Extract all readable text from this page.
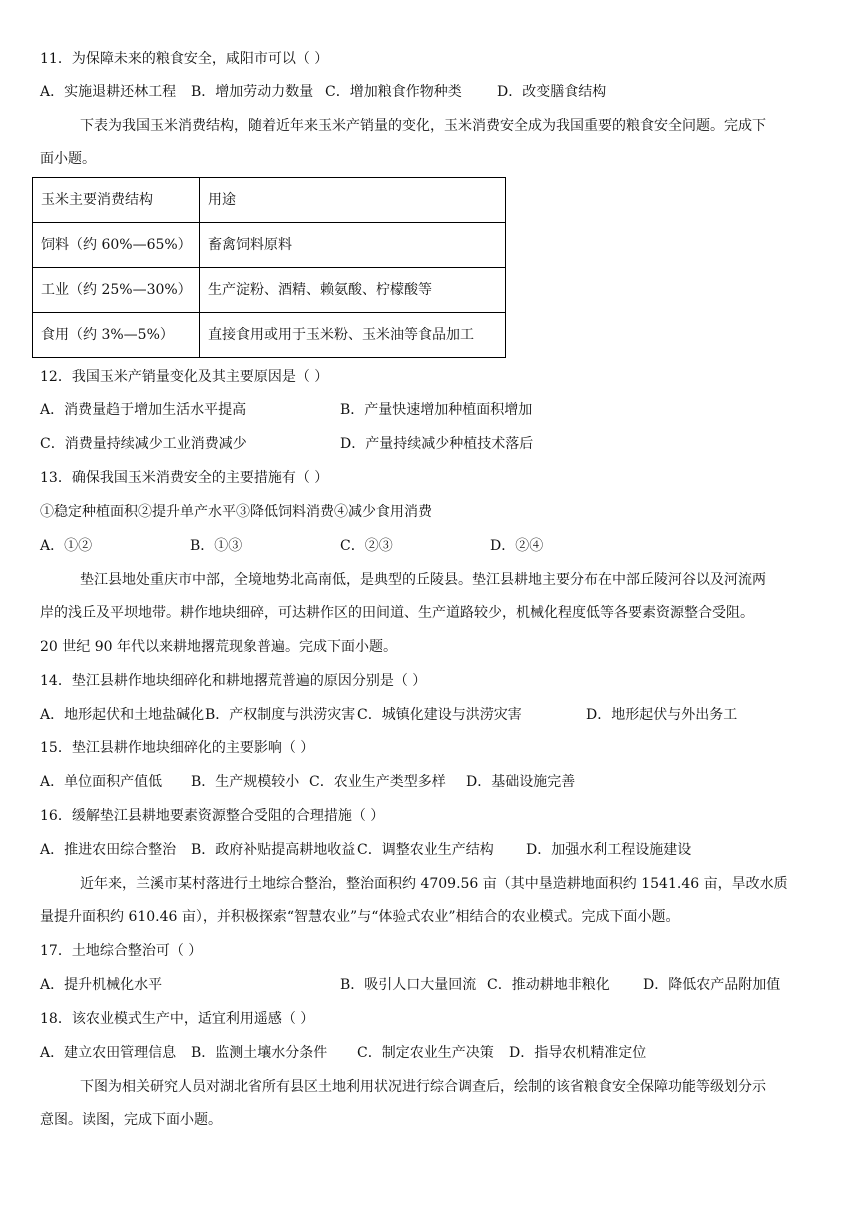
11．为保障未来的粮食安全，咸阳市可以（ ）
A．实施退耕还林工程 B．增加劳动力数量 C．增加粮食作物种类	D．改变膳食结构
下表为我国玉米消费结构，随着近年来玉米产销量的变化，玉米消费安全成为我国重要的粮食安全问题。完成下
面小题。
玉米主要消费结构	用途
饲料（约 60%—65%）	畜禽饲料原料
工业（约 25%—30%）	生产淀粉、酒精、赖氨酸、柠檬酸等
食用（约 3%—5%）	直接食用或用于玉米粉、玉米油等食品加工
12．我国玉米产销量变化及其主要原因是（ ）
A．消费量趋于增加生活水平提高	B．产量快速增加种植面积增加
C．消费量持续减少工业消费减少	D．产量持续减少种植技术落后
13．确保我国玉米消费安全的主要措施有（ ）
①稳定种植面积②提升单产水平③降低饲料消费④减少食用消费
A．①②	B．①③	C．②③	D．②④
垫江县地处重庆市中部，全境地势北高南低，是典型的丘陵县。垫江县耕地主要分布在中部丘陵河谷以及河流两
岸的浅丘及平坝地带。耕作地块细碎，可达耕作区的田间道、生产道路较少，机械化程度低等各要素资源整合受阻。
20 世纪 90 年代以来耕地撂荒现象普遍。完成下面小题。
14．垫江县耕作地块细碎化和耕地撂荒普遍的原因分别是（ ）
A．地形起伏和土地盐碱化 B．产权制度与洪涝灾害 C．城镇化建设与洪涝灾害	D．地形起伏与外出务工
15．垫江县耕作地块细碎化的主要影响（ ）
A．单位面积产值低 B．生产规模较小 C．农业生产类型多样 D．基础设施完善
16．缓解垫江县耕地要素资源整合受阻的合理措施（ ）
A．推进农田综合整治 B．政府补贴提高耕地收益 C．调整农业生产结构 D．加强水利工程设施建设
近年来，兰溪市某村落进行土地综合整治，整治面积约 4709.56 亩（其中垦造耕地面积约 1541.46 亩，旱改水质
量提升面积约 610.46 亩），并积极探索“智慧农业”与“体验式农业”相结合的农业模式。完成下面小题。
17．土地综合整治可（ ）
A．提升机械化水平	B．吸引人口大量回流 C．推动耕地非粮化 D．降低农产品附加值
18．该农业模式生产中，适宜利用遥感（ ）
A．建立农田管理信息 B．监测土壤水分条件 C．制定农业生产决策 D．指导农机精准定位
下图为相关研究人员对湖北省所有县区土地利用状况进行综合调查后，绘制的该省粮食安全保障功能等级划分示
意图。读图，完成下面小题。
